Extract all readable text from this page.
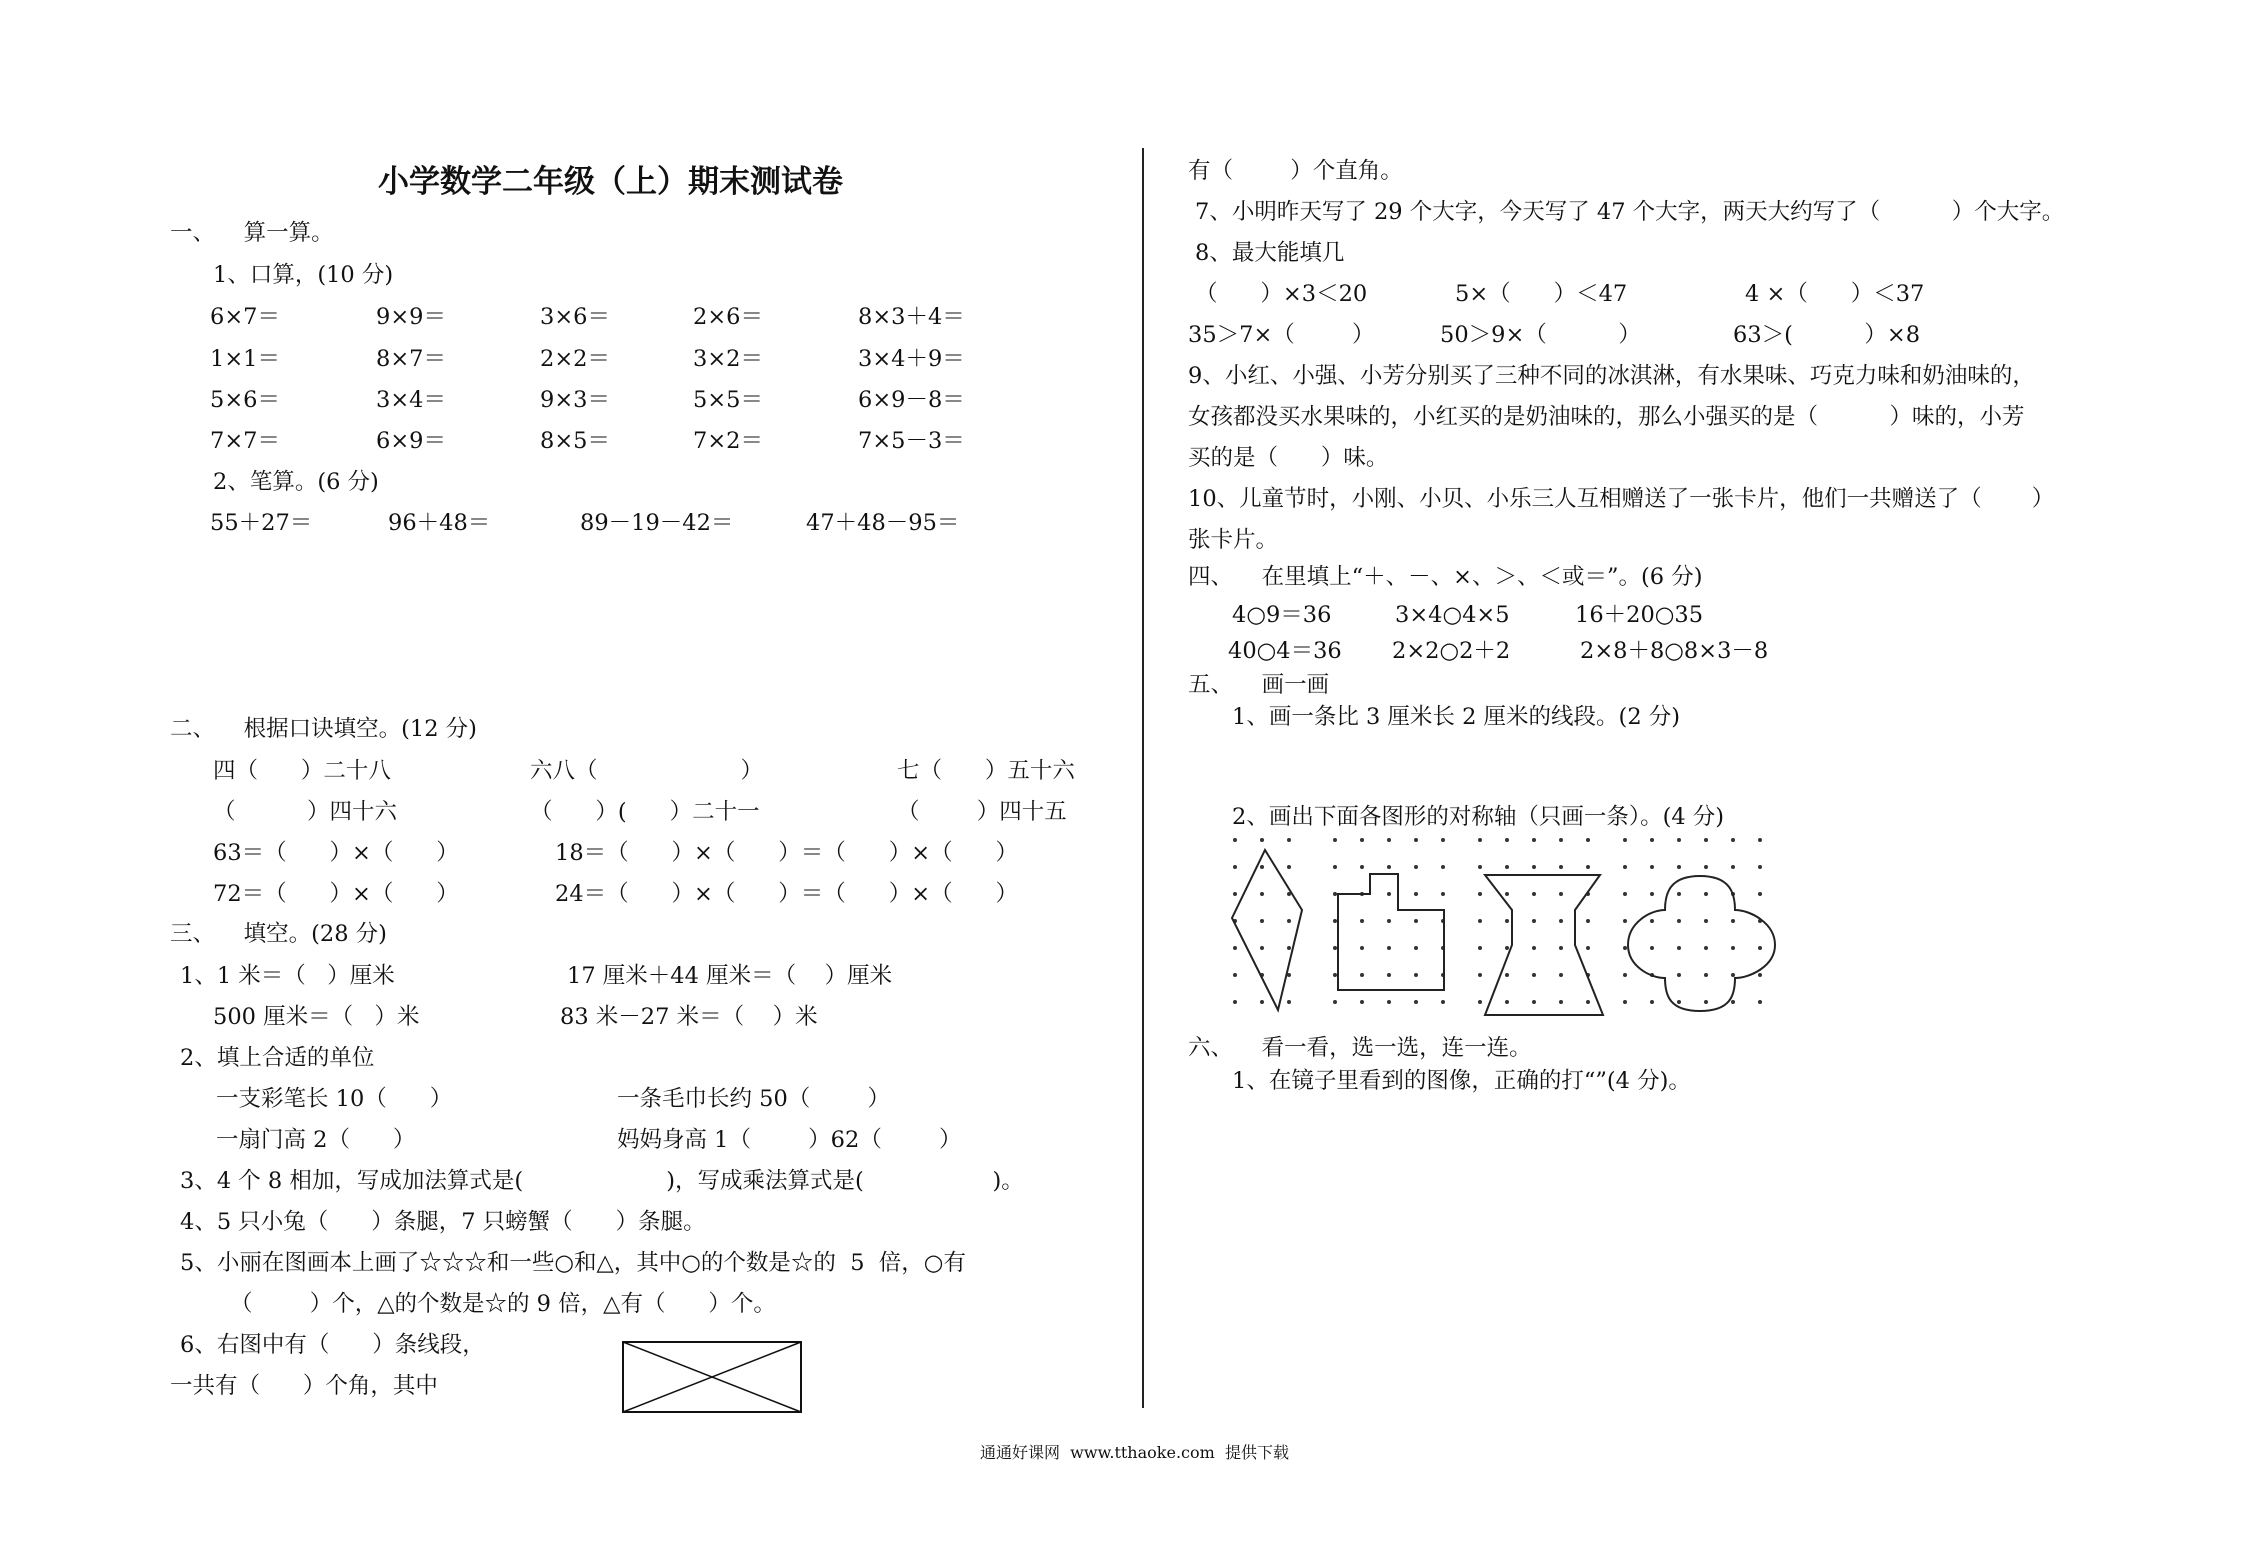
小学数学二年级（上）期末测试卷
一、    算一算。
1、口算，(10 分)
6×7＝	9×9＝	3×6＝	2×6＝	8×3＋4＝
1×1＝	8×7＝	2×2＝	3×2＝	3×4＋9＝
5×6＝	3×4＝	9×3＝	5×5＝	6×9－8＝
7×7＝	6×9＝	8×5＝	7×2＝	7×5－3＝
2、笔算。(6 分)
55＋27＝	96＋48＝	89－19－42＝	47＋48－95＝
二、    根据口诀填空。(12 分)
四（      ）二十八	六八（                    ）	七（      ）五十六
（          ）四十六	（      ）(      ）二十一	（        ）四十五
63＝（      ）×（      ）	18＝（      ）×（      ）＝（      ）×（      ）
72＝（      ）×（      ）	24＝（      ）×（      ）＝（      ）×（      ）
三、    填空。(28 分)
1、1 米＝（   ）厘米	17 厘米＋44 厘米＝（    ）厘米
500 厘米＝（   ）米	83 米－27 米＝（    ）米
2、填上合适的单位
一支彩笔长 10（      ）	一条毛巾长约 50（        ）
一扇门高 2（      ）	妈妈身高 1（        ）62（        ）
3、4 个 8 相加，写成加法算式是(                    )，写成乘法算式是(                  )。
4、5 只小兔（      ）条腿，7 只螃蟹（      ）条腿。
5、小丽在图画本上画了☆☆☆和一些○和△，其中○的个数是☆的  5  倍，○有
（        ）个，△的个数是☆的 9 倍，△有（      ）个。
6、右图中有（      ）条线段，
一共有（      ）个角，其中
有（        ）个直角。
7、小明昨天写了 29 个大字，今天写了 47 个大字，两天大约写了（          ）个大字。
8、最大能填几
（      ）×3＜20	5×（      ）＜47	4 ×（      ）＜37
35＞7×（        ）	50＞9×（          ）	63＞(          ）×8
9、小红、小强、小芳分别买了三种不同的冰淇淋，有水果味、巧克力味和奶油味的，
女孩都没买水果味的，小红买的是奶油味的，那么小强买的是（          ）味的，小芳
买的是（      ）味。
10、儿童节时，小刚、小贝、小乐三人互相赠送了一张卡片，他们一共赠送了（       ）
张卡片。
四、    在里填上“＋、－、×、＞、＜或＝”。(6 分)
4○9＝36	3×4○4×5	16＋20○35
40○4＝36 2×2○2＋2	2×8＋8○8×3－8
五、    画一画
1、画一条比 3 厘米长 2 厘米的线段。(2 分)
2、画出下面各图形的对称轴（只画一条）。(4 分)
六、    看一看，选一选，连一连。
1、在镜子里看到的图像，正确的打“”(4 分)。
通通好课网  www.tthaoke.com  提供下载
